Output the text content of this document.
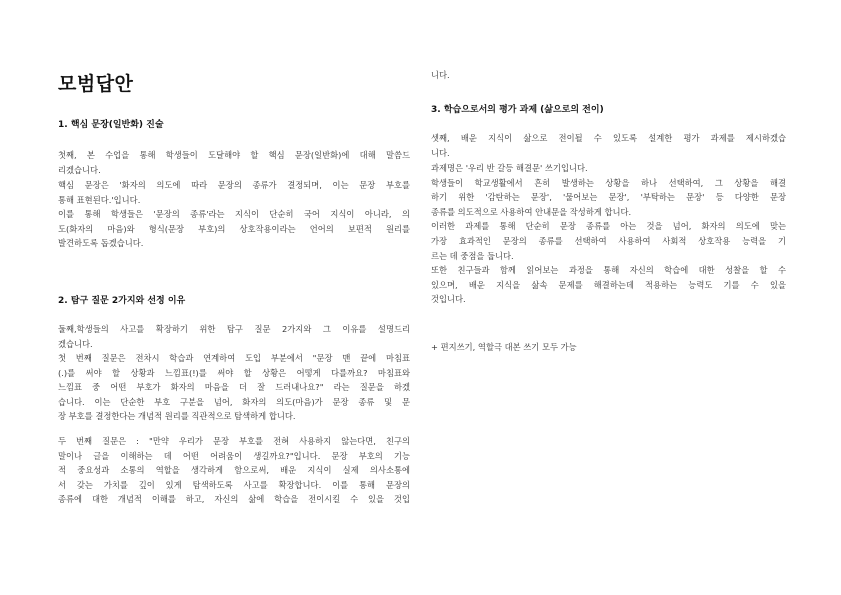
모범답안
1. 핵심 문장(일반화) 진술

첫째, 본 수업을 통해 학생들이 도달해야 할 핵심 문장(일반화)에 대해 말씀드
리겠습니다.

핵심 문장은 '화자의 의도에 따라 문장의 종류가 결정되며, 이는 문장 부호를
통해 표현된다.'입니다.

이를 통해 학생들은 '문장의 종류'라는 지식이 단순히 국어 지식이 아니라, 의
도(화자의 마음)와 형식(문장 부호)의 상호작용이라는 언어의 보편적 원리를
발견하도록 돕겠습니다.

2. 탐구 질문 2가지와 선정 이유

둘째,학생들의 사고를 확장하기 위한 탐구 질문 2가지와 그 이유를 설명드리
겠습니다.

첫 번째 질문은 전차시 학습과 연계하여 도입 부분에서 "문장 맨 끝에 마침표
(.)를 써야 할 상황과 느낌표(!)를 써야 할 상황은 어떻게 다를까요? 마침표와
느낌표 중 어떤 부호가 화자의 마음을 더 잘 드러내나요?" 라는 질문을 하겠
습니다. 이는 단순한 부호 구분을 넘어, 화자의 의도(마음)가 문장 종류 및 문
장 부호를 결정한다는 개념적 원리를 직관적으로 탐색하게 합니다.

두 번째 질문은 : "만약 우리가 문장 부호를 전혀 사용하지 않는다면, 친구의
말이나 글을 이해하는 데 어떤 어려움이 생길까요?"입니다. 문장 부호의 기능
적 중요성과 소통의 역할을 생각하게 함으로써, 배운 지식이 실제 의사소통에
서 갖는 가치를 깊이 있게 탐색하도록 사고를 확장합니다. 이를 통해 문장의
종류에 대한 개념적 이해를 하고, 자신의 삶에 학습을 전이시킬 수 있을 것입

니다.

3. 학습으로서의 평가 과제 (삶으로의 전이)

셋째, 배운 지식이 삶으로 전이될 수 있도록 설계한 평가 과제를 제시하겠습
니다.

과제명은 '우리 반 갈등 해결문' 쓰기입니다.
학생들이 학교생활에서 흔히 발생하는 상황을 하나 선택하여, 그 상황을 해결
하기 위한 '감탄하는 문장', '물어보는 문장', '부탁하는 문장' 등 다양한 문장
종류를 의도적으로 사용하여 안내문을 작성하게 합니다.
이러한 과제를 통해 단순히 문장 종류를 아는 것을 넘어, 화자의 의도에 맞는
가장 효과적인 문장의 종류를 선택하여 사용하여 사회적 상호작용 능력을 기
르는 데 중점을 둡니다.
또한 친구들과 함께 읽어보는 과정을 통해 자신의 학습에 대한 성찰을 할 수
있으며, 배운 지식을 삶속 문제를 해결하는데 적용하는 능력도 기를 수 있을
것입니다.

+ 편지쓰기, 역할극 대본 쓰기 모두 가능
